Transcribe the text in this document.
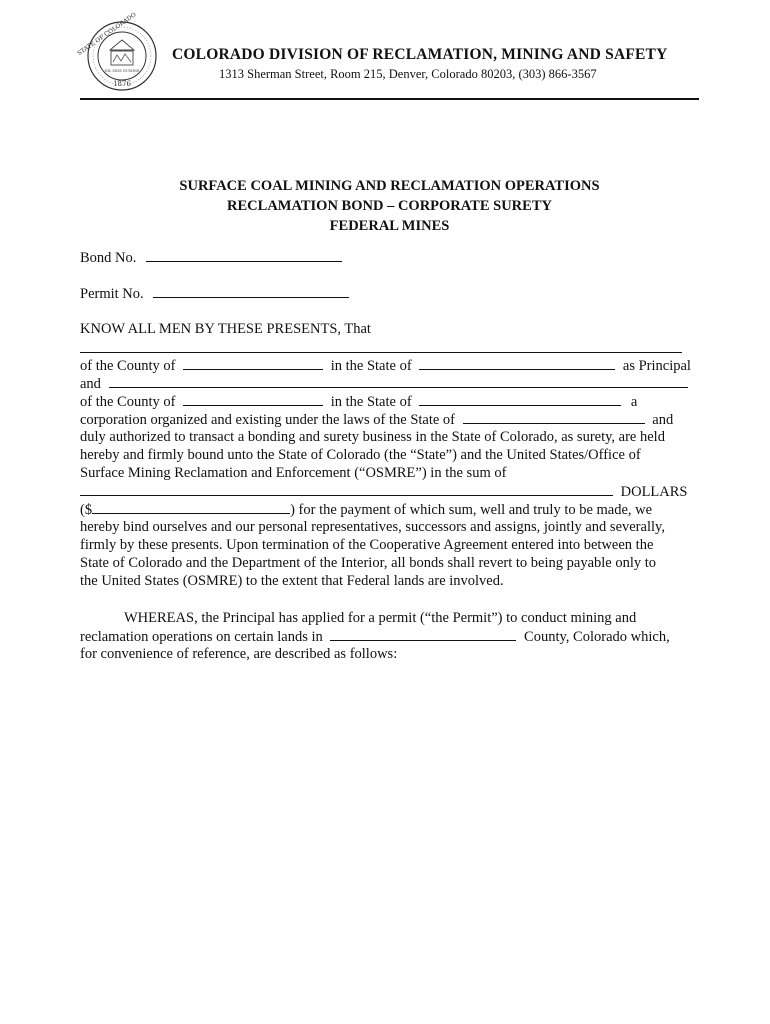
STATE OF COLORADO
1876
NIL SINE NUMINE
COLORADO DIVISION OF RECLAMATION, MINING AND SAFETY
1313 Sherman Street, Room 215, Denver, Colorado 80203, (303) 866-3567
SURFACE COAL MINING AND RECLAMATION OPERATIONS
RECLAMATION BOND – CORPORATE SURETY
FEDERAL MINES
Bond No.
Permit No.
KNOW ALL MEN BY THESE PRESENTS, That
of the County of	in the State of	as Principal
and
of the County of	in the State of	a
corporation organized and existing under the laws of the State of	and
duly authorized to transact a bonding and surety business in the State of Colorado, as surety, are held
hereby and firmly bound unto the State of Colorado (the “State”) and the United States/Office of
Surface Mining Reclamation and Enforcement (“OSMRE”) in the sum of
DOLLARS
($	) for the payment of which sum, well and truly to be made, we
hereby bind ourselves and our personal representatives, successors and assigns, jointly and severally,
firmly by these presents. Upon termination of the Cooperative Agreement entered into between the
State of Colorado and the Department of the Interior, all bonds shall revert to being payable only to
the United States (OSMRE) to the extent that Federal lands are involved.
WHEREAS, the Principal has applied for a permit (“the Permit”) to conduct mining and
reclamation operations on certain lands in	County, Colorado which,
for convenience of reference, are described as follows:
